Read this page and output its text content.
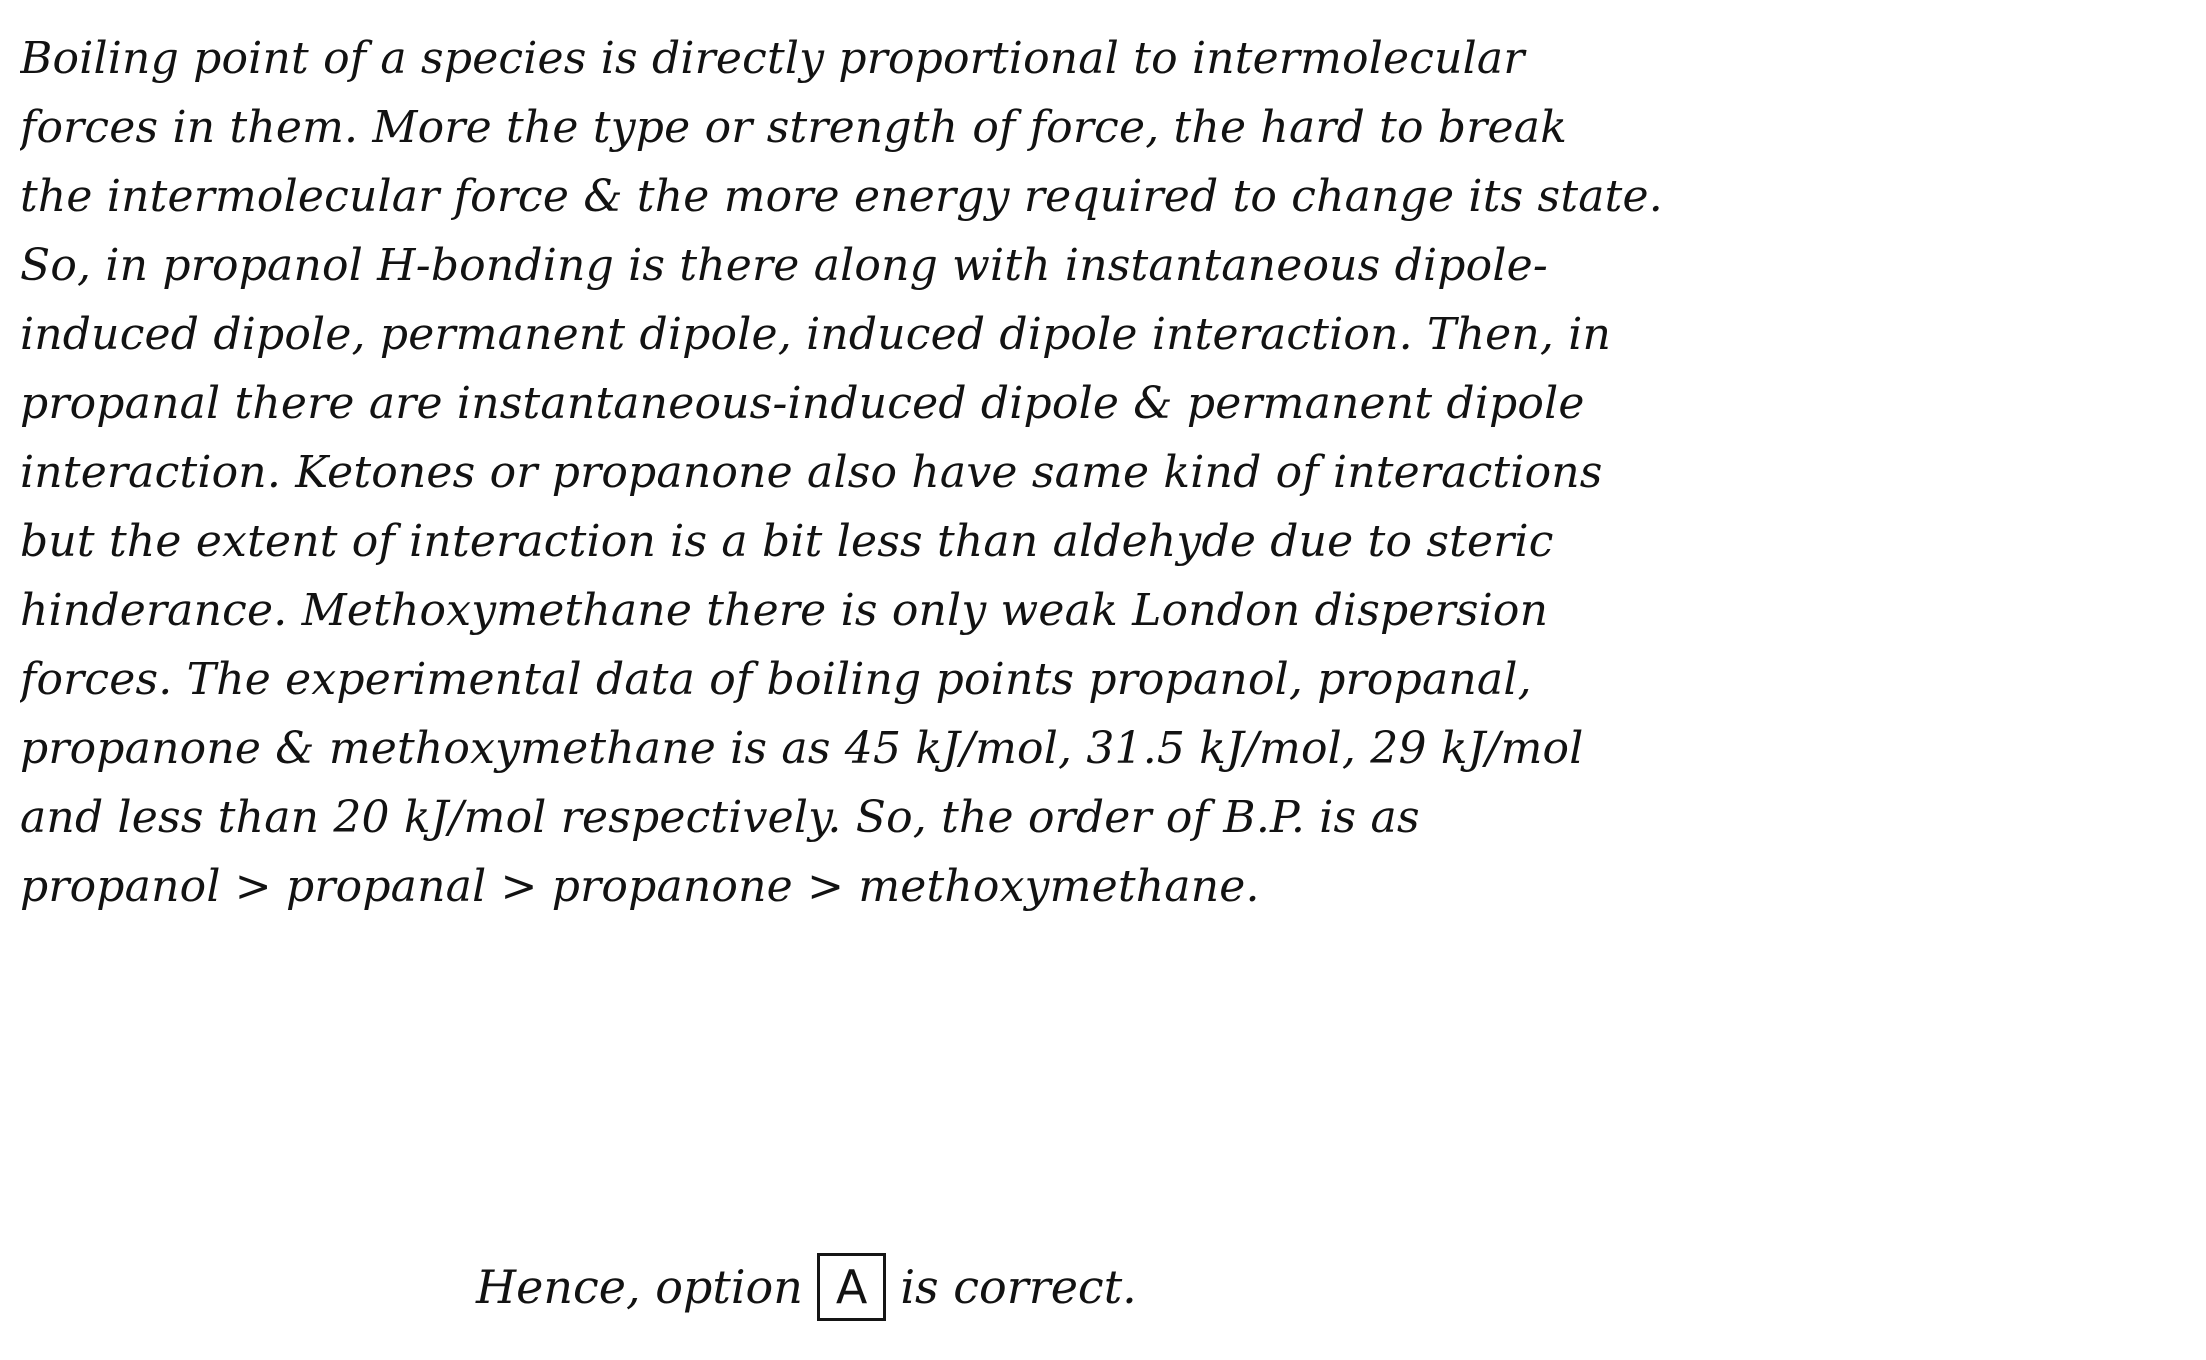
Boiling point of a species is directly proportional to intermolecular
forces in them. More the type or strength of force, the hard to break
the intermolecular force & the more energy required to change its state.
So, in propanol H-bonding is there along with instantaneous dipole-
induced dipole, permanent dipole, induced dipole interaction. Then, in
propanal there are instantaneous-induced dipole & permanent dipole
interaction. Ketones or propanone also have same kind of interactions
but the extent of interaction is a bit less than aldehyde due to steric
hinderance. Methoxymethane there is only weak London dispersion
forces. The experimental data of boiling points propanol, propanal,
propanone & methoxymethane is as 45 kJ/mol, 31.5 kJ/mol, 29 kJ/mol
and less than 20 kJ/mol respectively. So, the order of B.P. is as
propanol > propanal > propanone > methoxymethane.
Hence, option A is correct.
